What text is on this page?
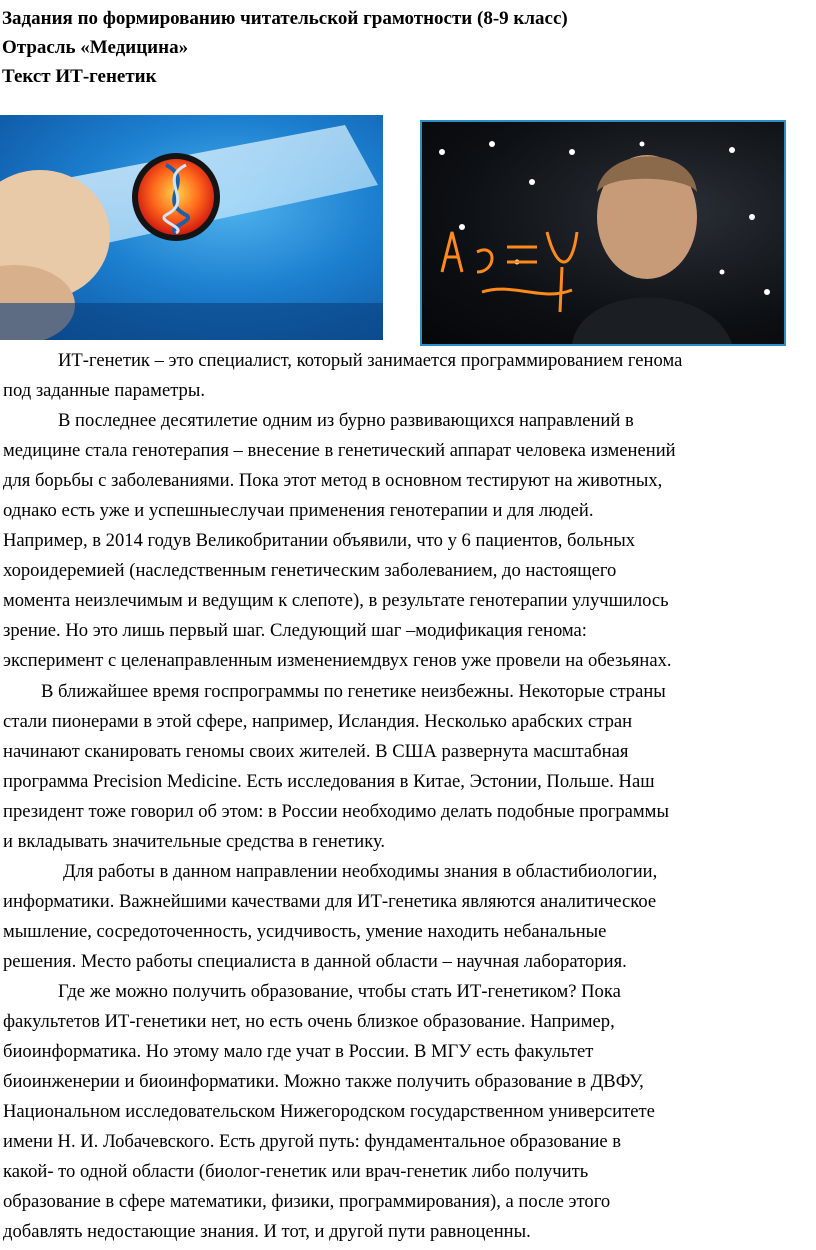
Задания по формированию читательской грамотности (8-9 класс)
Отрасль «Медицина»
Текст ИТ-генетик

ИТ-генетик – это специалист, который занимается программированием генома

под заданные параметры.

В последнее десятилетие одним из бурно развивающихся направлений в

медицине стала генотерапия – внесение в генетический аппарат человека изменений
для борьбы с заболеваниями. Пока этот метод в основном тестируют на животных,
однако есть уже и успешныеслучаи применения генотерапии и для людей.
Например, в 2014 годув Великобритании объявили, что у 6 пациентов, больных
хороидеремией (наследственным генетическим заболеванием, до настоящего
момента неизлечимым и ведущим к слепоте), в результате генотерапии улучшилось
зрение. Но это лишь первый шаг. Следующий шаг –модификация генома:
эксперимент с целенаправленным изменениемдвух генов уже провели на обезьянах.

В ближайшее время госпрограммы по генетике неизбежны. Некоторые страны

стали пионерами в этой сфере, например, Исландия. Несколько арабских стран
начинают сканировать геномы своих жителей. В США развернута масштабная
программа Precision Medicine. Есть исследования в Китае, Эстонии, Польше. Наш
президент тоже говорил об этом: в России необходимо делать подобные программы
и вкладывать значительные средства в генетику.

Для работы в данном направлении необходимы знания в областибиологии,

информатики. Важнейшими качествами для ИТ-генетика являются аналитическое
мышление, сосредоточенность, усидчивость, умение находить небанальные
решения. Место работы специалиста в данной области – научная лаборатория.

Где же можно получить образование, чтобы стать ИТ-генетиком? Пока

факультетов ИТ-генетики нет, но есть очень близкое образование. Например,
биоинформатика. Но этому мало где учат в России. В МГУ есть факультет
биоинженерии и биоинформатики. Можно также получить образование в ДВФУ,
Национальном исследовательском Нижегородском государственном университете
имени Н. И. Лобачевского. Есть другой путь: фундаментальное образование в
какой- то одной области (биолог-генетик или врач-генетик либо получить
образование в сфере математики, физики, программирования), а после этого
добавлять недостающие знания. И тот, и другой пути равноценны.
